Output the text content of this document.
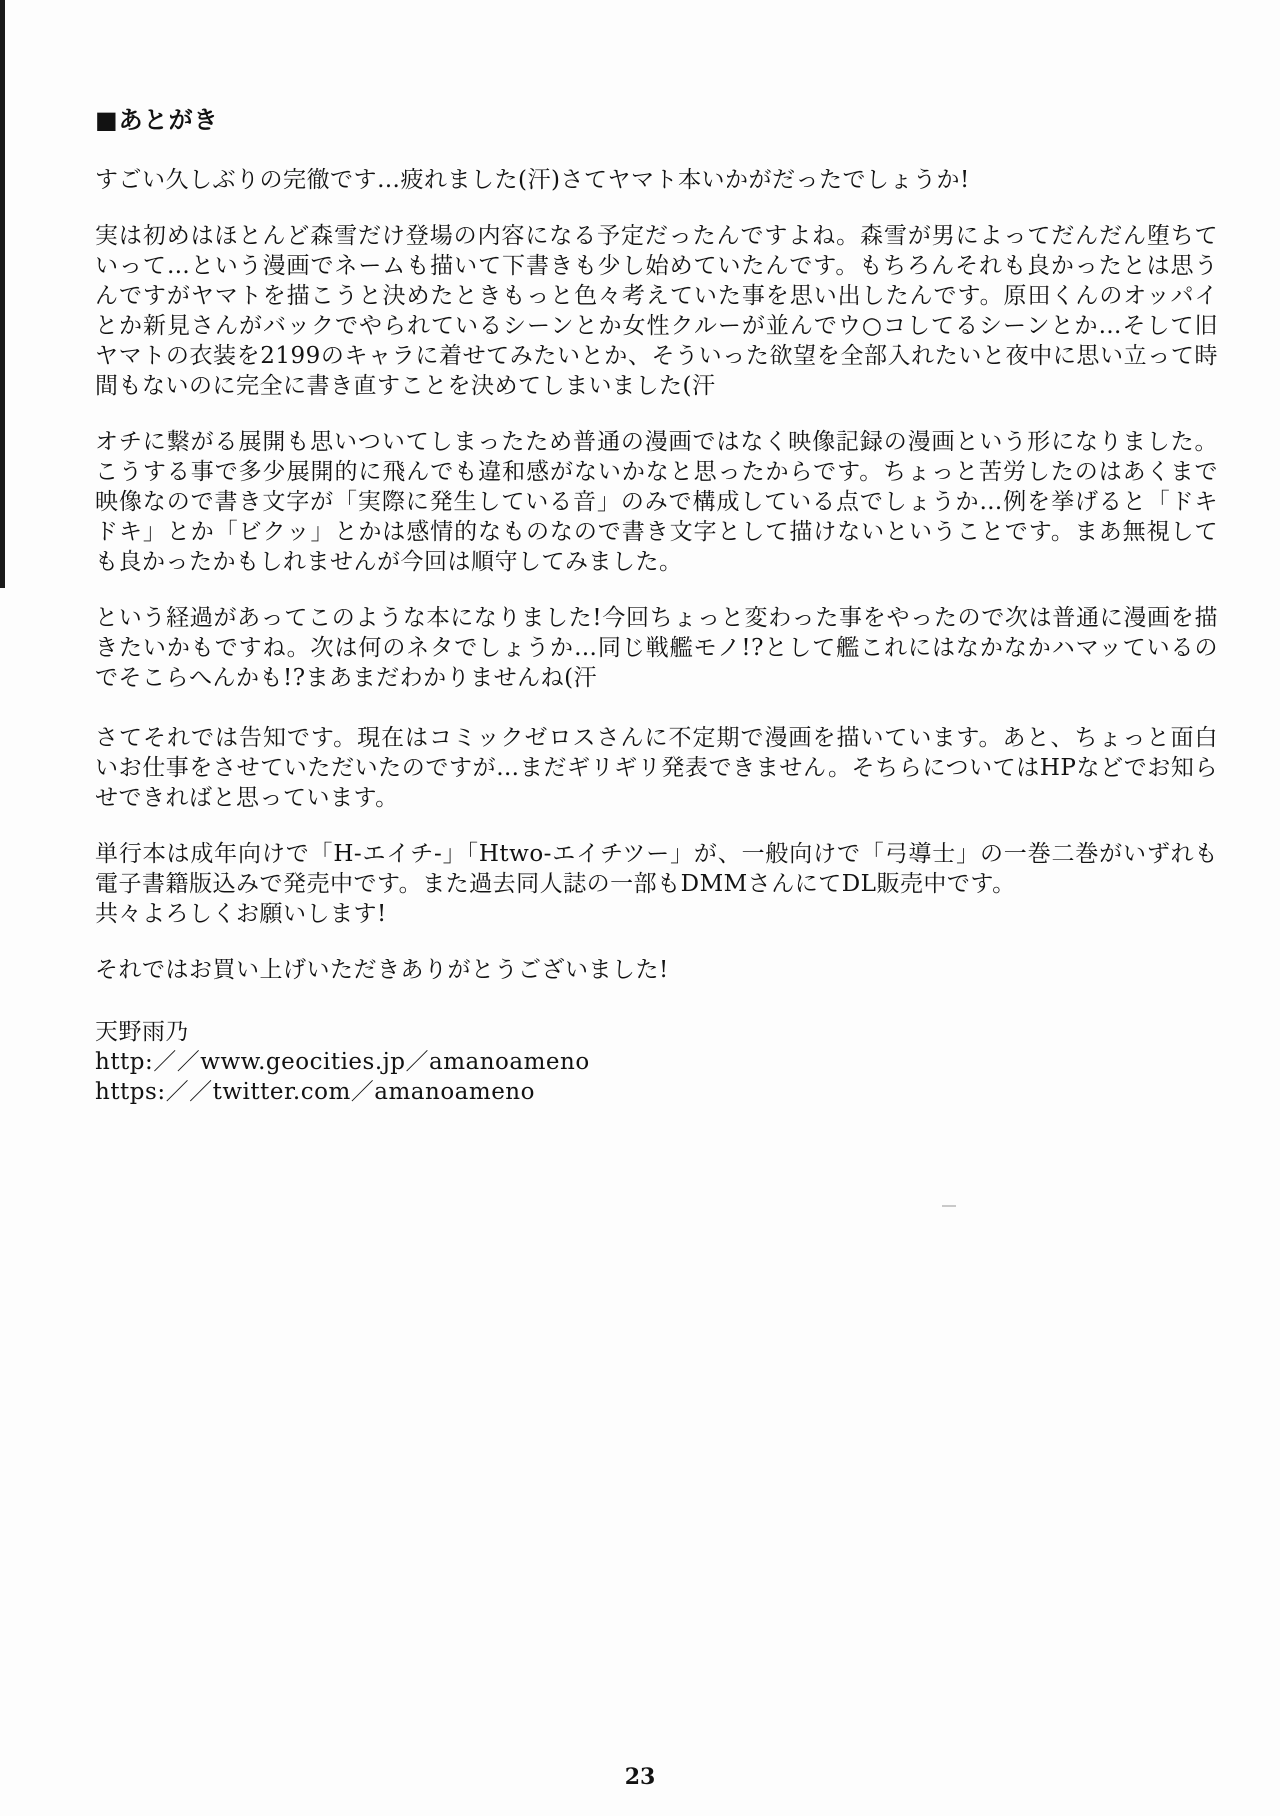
■あとがき

すごい久しぶりの完徹です…疲れました(汗)さてヤマト本いかがだったでしょうか!

実は初めはほとんど森雪だけ登場の内容になる予定だったんですよね。森雪が男によってだんだん堕ちていって…という漫画でネームも描いて下書きも少し始めていたんです。もちろんそれも良かったとは思うんですがヤマトを描こうと決めたときもっと色々考えていた事を思い出したんです。原田くんのオッパイとか新見さんがバックでやられているシーンとか女性クルーが並んでウ○コしてるシーンとか…そして旧ヤマトの衣装を2199のキャラに着せてみたいとか、そういった欲望を全部入れたいと夜中に思い立って時間もないのに完全に書き直すことを決めてしまいました(汗

オチに繋がる展開も思いついてしまったため普通の漫画ではなく映像記録の漫画という形になりました。こうする事で多少展開的に飛んでも違和感がないかなと思ったからです。ちょっと苦労したのはあくまで映像なので書き文字が「実際に発生している音」のみで構成している点でしょうか…例を挙げると「ドキドキ」とか「ビクッ」とかは感情的なものなので書き文字として描けないということです。まあ無視しても良かったかもしれませんが今回は順守してみました。

という経過があってこのような本になりました!今回ちょっと変わった事をやったので次は普通に漫画を描きたいかもですね。次は何のネタでしょうか…同じ戦艦モノ!?として艦これにはなかなかハマッているのでそこらへんかも!?まあまだわかりませんね(汗

さてそれでは告知です。現在はコミックゼロスさんに不定期で漫画を描いています。あと、ちょっと面白いお仕事をさせていただいたのですが…まだギリギリ発表できません。そちらについてはHPなどでお知らせできればと思っています。

単行本は成年向けで「H-エイチ-」「Htwo-エイチツー」が、一般向けで「弓導士」の一巻二巻がいずれも電子書籍版込みで発売中です。また過去同人誌の一部もDMMさんにてDL販売中です。

共々よろしくお願いします!

それではお買い上げいただきありがとうございました!

天野雨乃

http:／／www.geocities.jp／amanoameno

https:／／twitter.com／amanoameno

23
